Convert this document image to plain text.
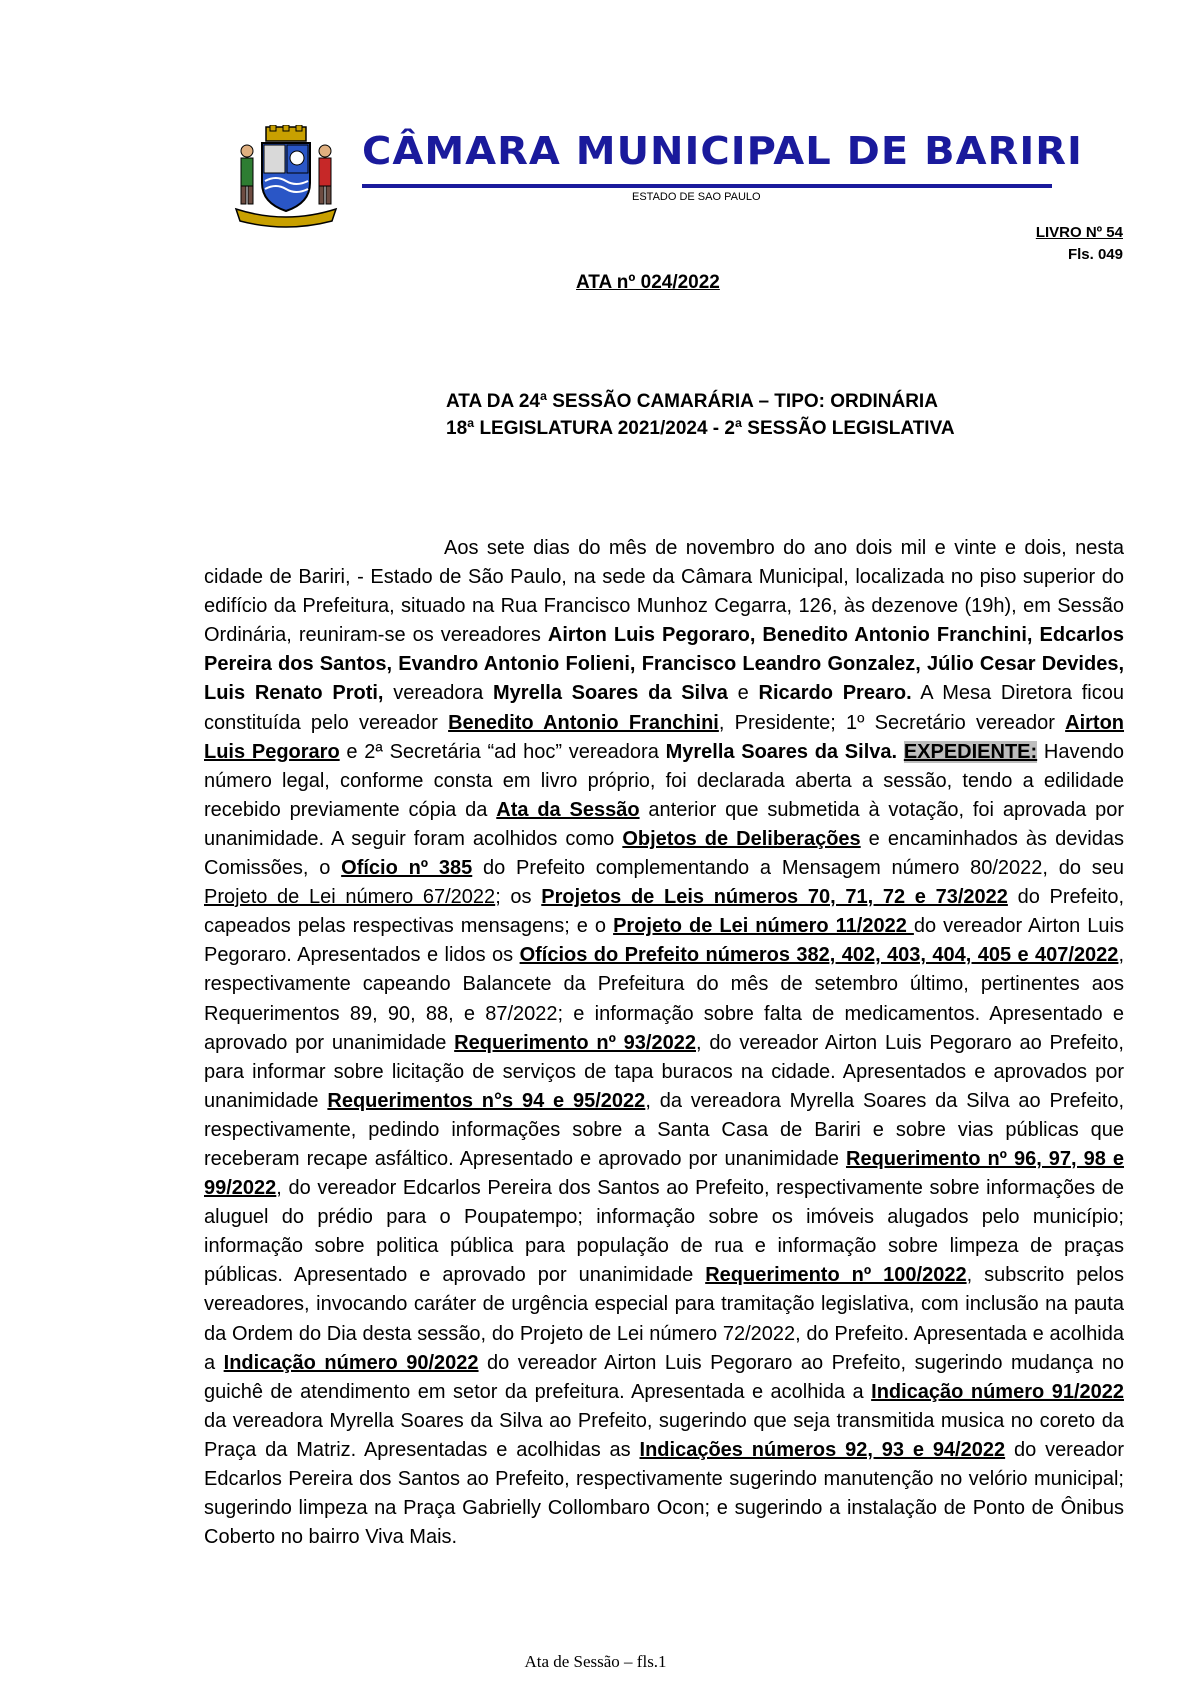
CÂMARA MUNICIPAL DE BARIRI
ESTADO DE SAO PAULO
LIVRO Nº 54
Fls. 049
ATA nº 024/2022
ATA DA 24ª SESSÃO CAMARÁRIA – TIPO: ORDINÁRIA
18ª LEGISLATURA 2021/2024 - 2ª SESSÃO LEGISLATIVA
Aos sete dias do mês de novembro do ano dois mil e vinte e dois, nesta cidade de Bariri, - Estado de São Paulo, na sede da Câmara Municipal, localizada no piso superior do edifício da Prefeitura, situado na Rua Francisco Munhoz Cegarra, 126, às dezenove (19h), em Sessão Ordinária, reuniram-se os vereadores Airton Luis Pegoraro, Benedito Antonio Franchini, Edcarlos Pereira dos Santos, Evandro Antonio Folieni, Francisco Leandro Gonzalez, Júlio Cesar Devides, Luis Renato Proti, vereadora Myrella Soares da Silva e Ricardo Prearo. A Mesa Diretora ficou constituída pelo vereador Benedito Antonio Franchini, Presidente; 1º Secretário vereador Airton Luis Pegoraro e 2ª Secretária “ad hoc” vereadora Myrella Soares da Silva. EXPEDIENTE: Havendo número legal, conforme consta em livro próprio, foi declarada aberta a sessão, tendo a edilidade recebido previamente cópia da Ata da Sessão anterior que submetida à votação, foi aprovada por unanimidade. A seguir foram acolhidos como Objetos de Deliberações e encaminhados às devidas Comissões, o Ofício nº 385 do Prefeito complementando a Mensagem número 80/2022, do seu Projeto de Lei número 67/2022; os Projetos de Leis números 70, 71, 72 e 73/2022 do Prefeito, capeados pelas respectivas mensagens; e o Projeto de Lei número 11/2022 do vereador Airton Luis Pegoraro. Apresentados e lidos os Ofícios do Prefeito números 382, 402, 403, 404, 405 e 407/2022, respectivamente capeando Balancete da Prefeitura do mês de setembro último, pertinentes aos Requerimentos 89, 90, 88, e 87/2022; e informação sobre falta de medicamentos. Apresentado e aprovado por unanimidade Requerimento nº 93/2022, do vereador Airton Luis Pegoraro ao Prefeito, para informar sobre licitação de serviços de tapa buracos na cidade. Apresentados e aprovados por unanimidade Requerimentos n°s 94 e 95/2022, da vereadora Myrella Soares da Silva ao Prefeito, respectivamente, pedindo informações sobre a Santa Casa de Bariri e sobre vias públicas que receberam recape asfáltico. Apresentado e aprovado por unanimidade Requerimento nº 96, 97, 98 e 99/2022, do vereador Edcarlos Pereira dos Santos ao Prefeito, respectivamente sobre informações de aluguel do prédio para o Poupatempo; informação sobre os imóveis alugados pelo município; informação sobre politica pública para população de rua e informação sobre limpeza de praças públicas. Apresentado e aprovado por unanimidade Requerimento nº 100/2022, subscrito pelos vereadores, invocando caráter de urgência especial para tramitação legislativa, com inclusão na pauta da Ordem do Dia desta sessão, do Projeto de Lei número 72/2022, do Prefeito. Apresentada e acolhida a Indicação número 90/2022 do vereador Airton Luis Pegoraro ao Prefeito, sugerindo mudança no guichê de atendimento em setor da prefeitura. Apresentada e acolhida a Indicação número 91/2022 da vereadora Myrella Soares da Silva ao Prefeito, sugerindo que seja transmitida musica no coreto da Praça da Matriz. Apresentadas e acolhidas as Indicações números 92, 93 e 94/2022 do vereador Edcarlos Pereira dos Santos ao Prefeito, respectivamente sugerindo manutenção no velório municipal; sugerindo limpeza na Praça Gabrielly Collombaro Ocon; e sugerindo a instalação de Ponto de Ônibus Coberto no bairro Viva Mais.
Ata de Sessão – fls.1
